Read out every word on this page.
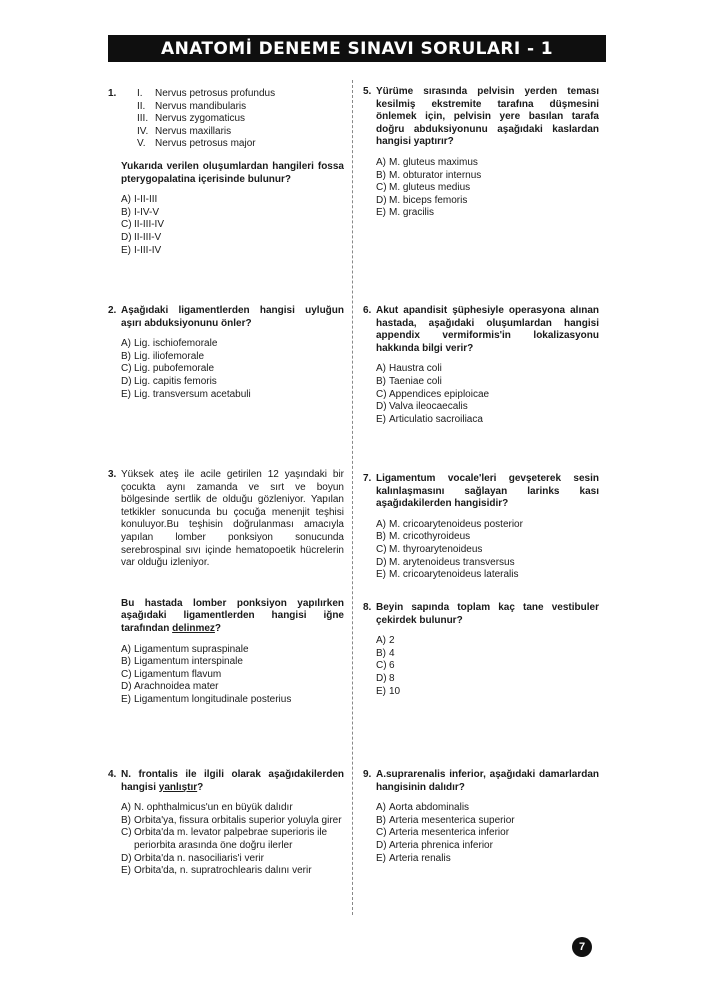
ANATOMİ DENEME SINAVI SORULARI - 1
1.	I.	Nervus petrosus profundus
II. Nervus mandibularis
III. Nervus zygomaticus
IV. Nervus maxillaris
V. Nervus petrosus major
Yukarıda verilen oluşumlardan hangileri fossa pterygopalatina içerisinde bulunur?
A) I-II-III
B) I-IV-V
C) II-III-IV
D) II-III-V
E) I-III-IV
2. Aşağıdaki ligamentlerden hangisi uyluğun aşırı abduksiyonunu önler?
A) Lig. ischiofemorale
B) Lig. iliofemorale
C) Lig. pubofemorale
D) Lig. capitis femoris
E) Lig. transversum acetabuli
3. Yüksek ateş ile acile getirilen 12 yaşındaki bir çocukta aynı zamanda ve sırt ve boyun bölgesinde sertlik de olduğu gözleniyor. Yapılan tetkikler sonucunda bu çocuğa menenjit teşhisi konuluyor.Bu teşhisin doğrulanması amacıyla yapılan lomber ponksiyon sonucunda serebrospinal sıvı içinde hematopoetik hücrelerin var olduğu izleniyor.
Bu hastada lomber ponksiyon yapılırken aşağıdaki ligamentlerden hangisi iğne tarafından delinmez?
A) Ligamentum supraspinale
B) Ligamentum interspinale
C) Ligamentum flavum
D) Arachnoidea mater
E) Ligamentum longitudinale posterius
4. N. frontalis ile ilgili olarak aşağıdakilerden hangisi yanlıştır?
A) N. ophthalmicus'un en büyük dalıdır
B) Orbita'ya, fissura orbitalis superior yoluyla girer
C) Orbita'da m. levator palpebrae superioris ile periorbita arasında öne doğru ilerler
D) Orbita'da n. nasociliaris'i verir
E) Orbita'da, n. supratrochlearis dalını verir
5. Yürüme sırasında pelvisin yerden teması kesilmiş ekstremite tarafına düşmesini önlemek için, pelvisin yere basılan tarafa doğru abduksiyonunu aşağıdaki kaslardan hangisi yaptırır?
A) M. gluteus maximus
B) M. obturator internus
C) M. gluteus medius
D) M. biceps femoris
E) M. gracilis
6. Akut apandisit şüphesiyle operasyona alınan hastada, aşağıdaki oluşumlardan hangisi appendix vermiformis'in lokalizasyonu hakkında bilgi verir?
A) Haustra coli
B) Taeniae coli
C) Appendices epiploicae
D) Valva ileocaecalis
E) Articulatio sacroiliaca
7. Ligamentum vocale'leri gevşeterek sesin kalınlaşmasını sağlayan larinks kası aşağıdakilerden hangisidir?
A) M. cricoarytenoideus posterior
B) M. cricothyroideus
C) M. thyroarytenoideus
D) M. arytenoideus transversus
E) M. cricoarytenoideus lateralis
8. Beyin sapında toplam kaç tane vestibuler çekirdek bulunur?
A) 2
B) 4
C) 6
D) 8
E) 10
9. A.suprarenalis inferior, aşağıdaki damarlardan hangisinin dalıdır?
A) Aorta abdominalis
B) Arteria mesenterica superior
C) Arteria mesenterica inferior
D) Arteria phrenica inferior
E) Arteria renalis
7
